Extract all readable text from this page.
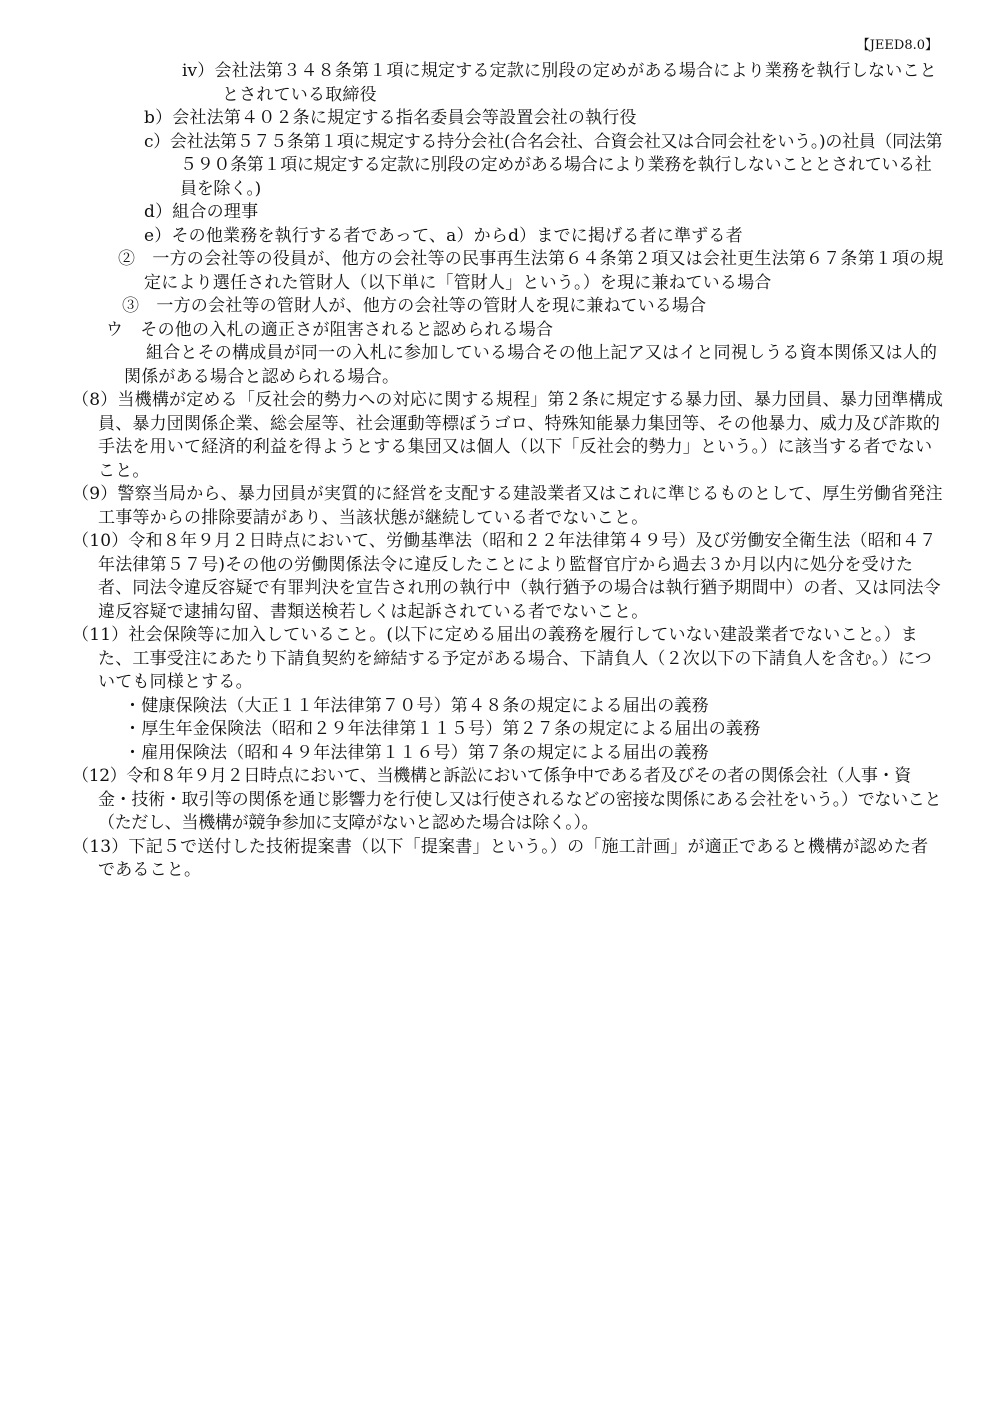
【JEED8.0】

ⅳ）会社法第３４８条第１項に規定する定款に別段の定めがある場合により業務を執行しないこととされている取締役

b）会社法第４０２条に規定する指名委員会等設置会社の執行役

c）会社法第５７５条第１項に規定する持分会社(合名会社、合資会社又は合同会社をいう。)の社員（同法第５９０条第１項に規定する定款に別段の定めがある場合により業務を執行しないこととされている社員を除く。)

d）組合の理事

e）その他業務を執行する者であって、a）からd）までに掲げる者に準ずる者

②　一方の会社等の役員が、他方の会社等の民事再生法第６４条第２項又は会社更生法第６７条第１項の規定により選任された管財人（以下単に「管財人」という。）を現に兼ねている場合

③　一方の会社等の管財人が、他方の会社等の管財人を現に兼ねている場合

ウ　その他の入札の適正さが阻害されると認められる場合

組合とその構成員が同一の入札に参加している場合その他上記ア又はイと同視しうる資本関係又は人的関係がある場合と認められる場合。

（8）当機構が定める「反社会的勢力への対応に関する規程」第２条に規定する暴力団、暴力団員、暴力団準構成員、暴力団関係企業、総会屋等、社会運動等標ぼうゴロ、特殊知能暴力集団等、その他暴力、威力及び詐欺的手法を用いて経済的利益を得ようとする集団又は個人（以下「反社会的勢力」という。）に該当する者でないこと。

（9）警察当局から、暴力団員が実質的に経営を支配する建設業者又はこれに準じるものとして、厚生労働省発注工事等からの排除要請があり、当該状態が継続している者でないこと。

（10）令和８年９月２日時点において、労働基準法（昭和２２年法律第４９号）及び労働安全衛生法（昭和４７年法律第５７号)その他の労働関係法令に違反したことにより監督官庁から過去３か月以内に処分を受けた者、同法令違反容疑で有罪判決を宣告され刑の執行中（執行猶予の場合は執行猶予期間中）の者、又は同法令違反容疑で逮捕勾留、書類送検若しくは起訴されている者でないこと。

（11）社会保険等に加入していること。(以下に定める届出の義務を履行していない建設業者でないこと。）また、工事受注にあたり下請負契約を締結する予定がある場合、下請負人（２次以下の下請負人を含む。）についても同様とする。

・健康保険法（大正１１年法律第７０号）第４８条の規定による届出の義務

・厚生年金保険法（昭和２９年法律第１１５号）第２７条の規定による届出の義務

・雇用保険法（昭和４９年法律第１１６号）第７条の規定による届出の義務

（12）令和８年９月２日時点において、当機構と訴訟において係争中である者及びその者の関係会社（人事・資金・技術・取引等の関係を通じ影響力を行使し又は行使されるなどの密接な関係にある会社をいう。）でないこと（ただし、当機構が競争参加に支障がないと認めた場合は除く。）。

（13）下記５で送付した技術提案書（以下「提案書」という。）の「施工計画」が適正であると機構が認めた者であること。
